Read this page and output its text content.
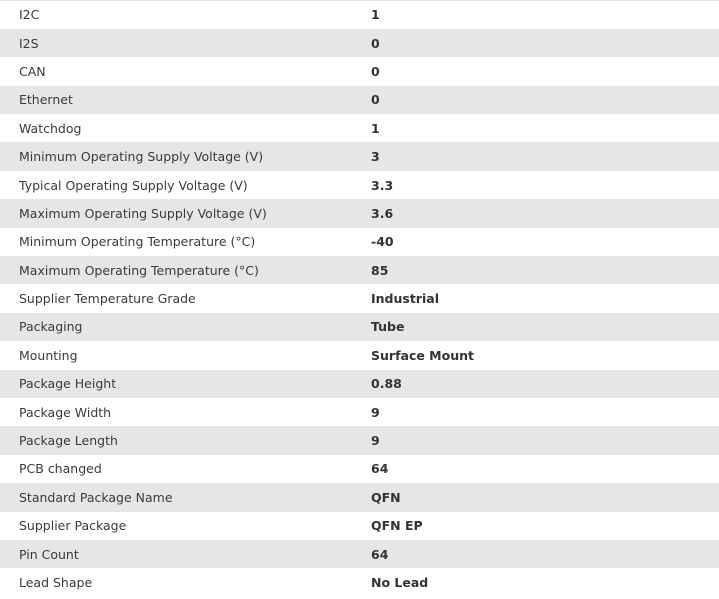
I2C	1
I2S	0
CAN	0
Ethernet	0
Watchdog	1
Minimum Operating Supply Voltage (V)	3
Typical Operating Supply Voltage (V)	3.3
Maximum Operating Supply Voltage (V)	3.6
Minimum Operating Temperature (°C)	-40
Maximum Operating Temperature (°C)	85
Supplier Temperature Grade	Industrial
Packaging	Tube
Mounting	Surface Mount
Package Height	0.88
Package Width	9
Package Length	9
PCB changed	64
Standard Package Name	QFN
Supplier Package	QFN EP
Pin Count	64
Lead Shape	No Lead
